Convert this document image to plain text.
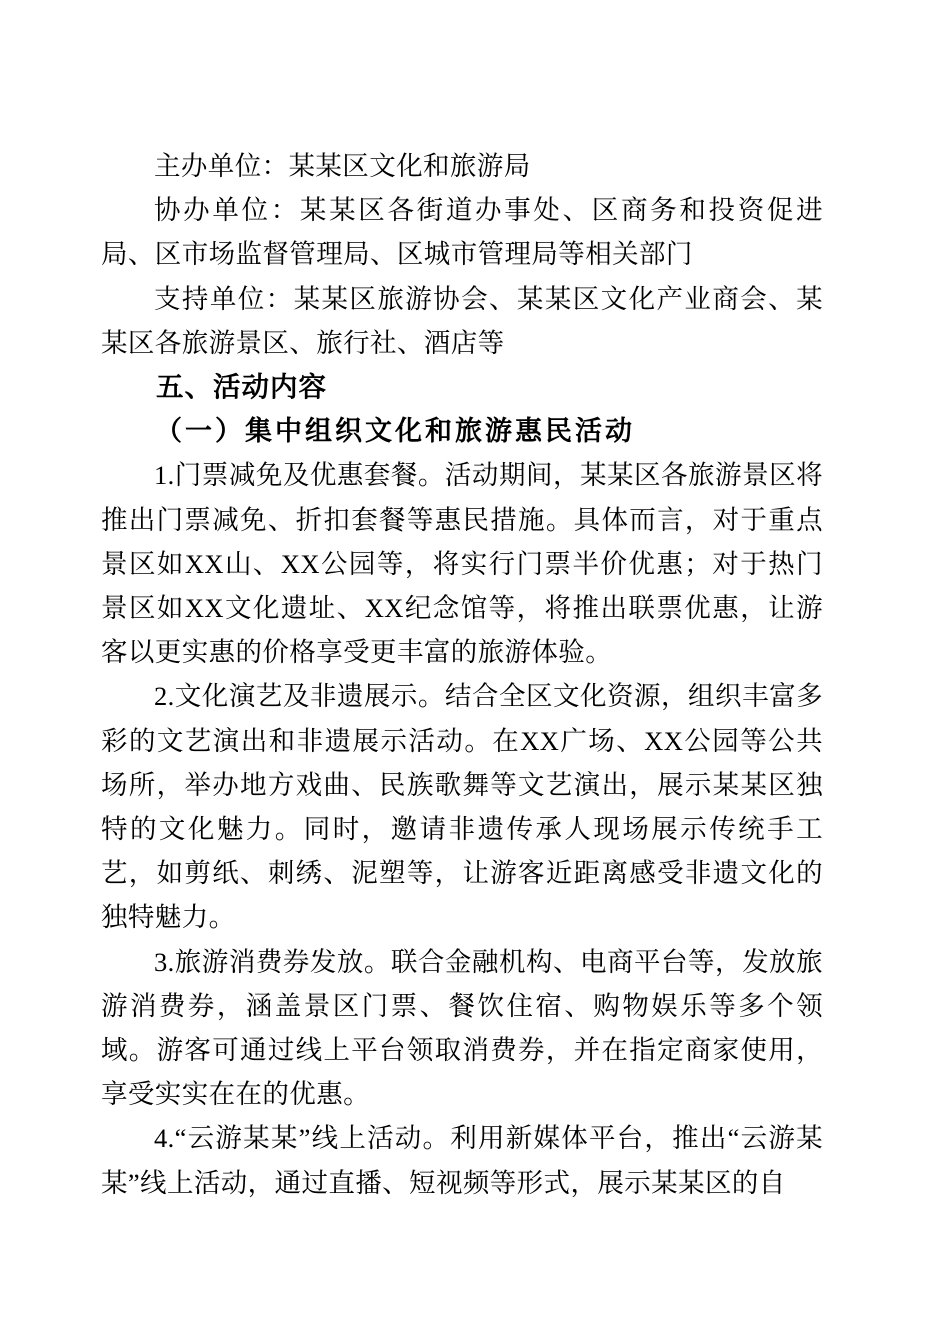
主办单位：某某区文化和旅游局

协办单位：某某区各街道办事处、区商务和投资促进局、区市场监督管理局、区城市管理局等相关部门

支持单位：某某区旅游协会、某某区文化产业商会、某某区各旅游景区、旅行社、酒店等

五、活动内容

（一）集中组织文化和旅游惠民活动

1.门票减免及优惠套餐。活动期间，某某区各旅游景区将推出门票减免、折扣套餐等惠民措施。具体而言，对于重点景区如XX山、XX公园等，将实行门票半价优惠；对于热门景区如XX文化遗址、XX纪念馆等，将推出联票优惠，让游客以更实惠的价格享受更丰富的旅游体验。

2.文化演艺及非遗展示。结合全区文化资源，组织丰富多彩的文艺演出和非遗展示活动。在XX广场、XX公园等公共场所，举办地方戏曲、民族歌舞等文艺演出，展示某某区独特的文化魅力。同时，邀请非遗传承人现场展示传统手工艺，如剪纸、刺绣、泥塑等，让游客近距离感受非遗文化的独特魅力。

3.旅游消费券发放。联合金融机构、电商平台等，发放旅游消费券，涵盖景区门票、餐饮住宿、购物娱乐等多个领域。游客可通过线上平台领取消费券，并在指定商家使用，享受实实在在的优惠。

4.“云游某某”线上活动。利用新媒体平台，推出“云游某某”线上活动，通过直播、短视频等形式，展示某某区的自
